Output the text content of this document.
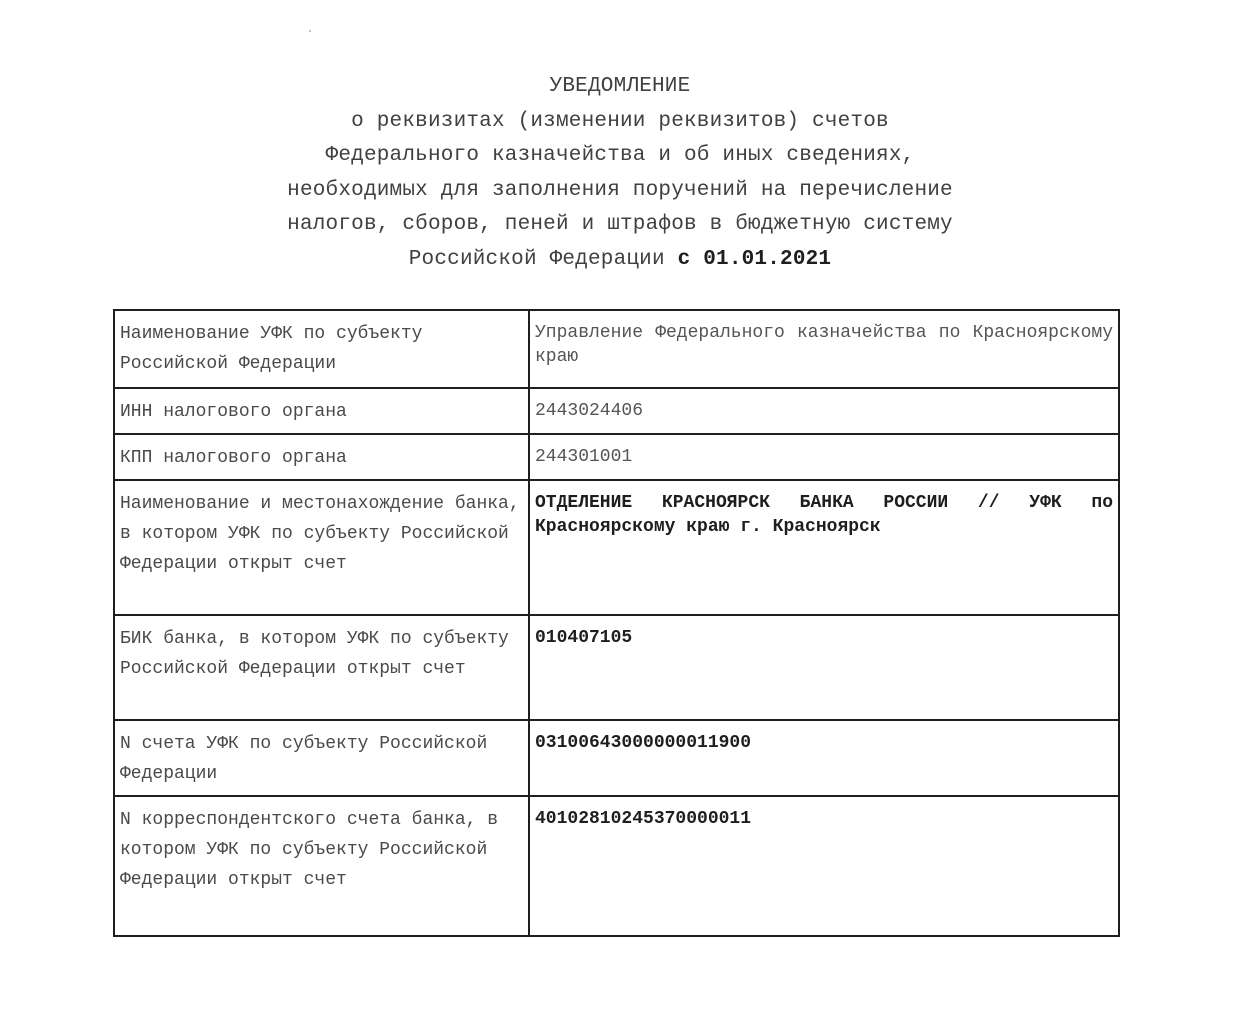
УВЕДОМЛЕНИЕ
о реквизитах (изменении реквизитов) счетов
Федерального казначейства и об иных сведениях,
необходимых для заполнения поручений на перечисление
налогов, сборов, пеней и штрафов в бюджетную систему
Российской Федерации с 01.01.2021
Наименование УФК по субъекту Российской Федерации	Управление Федерального казначейства по Красноярскому краю
ИНН налогового органа	2443024406
КПП налогового органа	244301001
Наименование и местонахождение банка, в котором УФК по субъекту Российской Федерации открыт счет	ОТДЕЛЕНИЕ КРАСНОЯРСК БАНКА РОССИИ // УФК по Красноярскому краю г. Красноярск
БИК банка, в котором УФК по субъекту Российской Федерации открыт счет	010407105
N счета УФК по субъекту Российской Федерации	03100643000000011900
N корреспондентского счета банка, в котором УФК по субъекту Российской Федерации открыт счет	40102810245370000011
